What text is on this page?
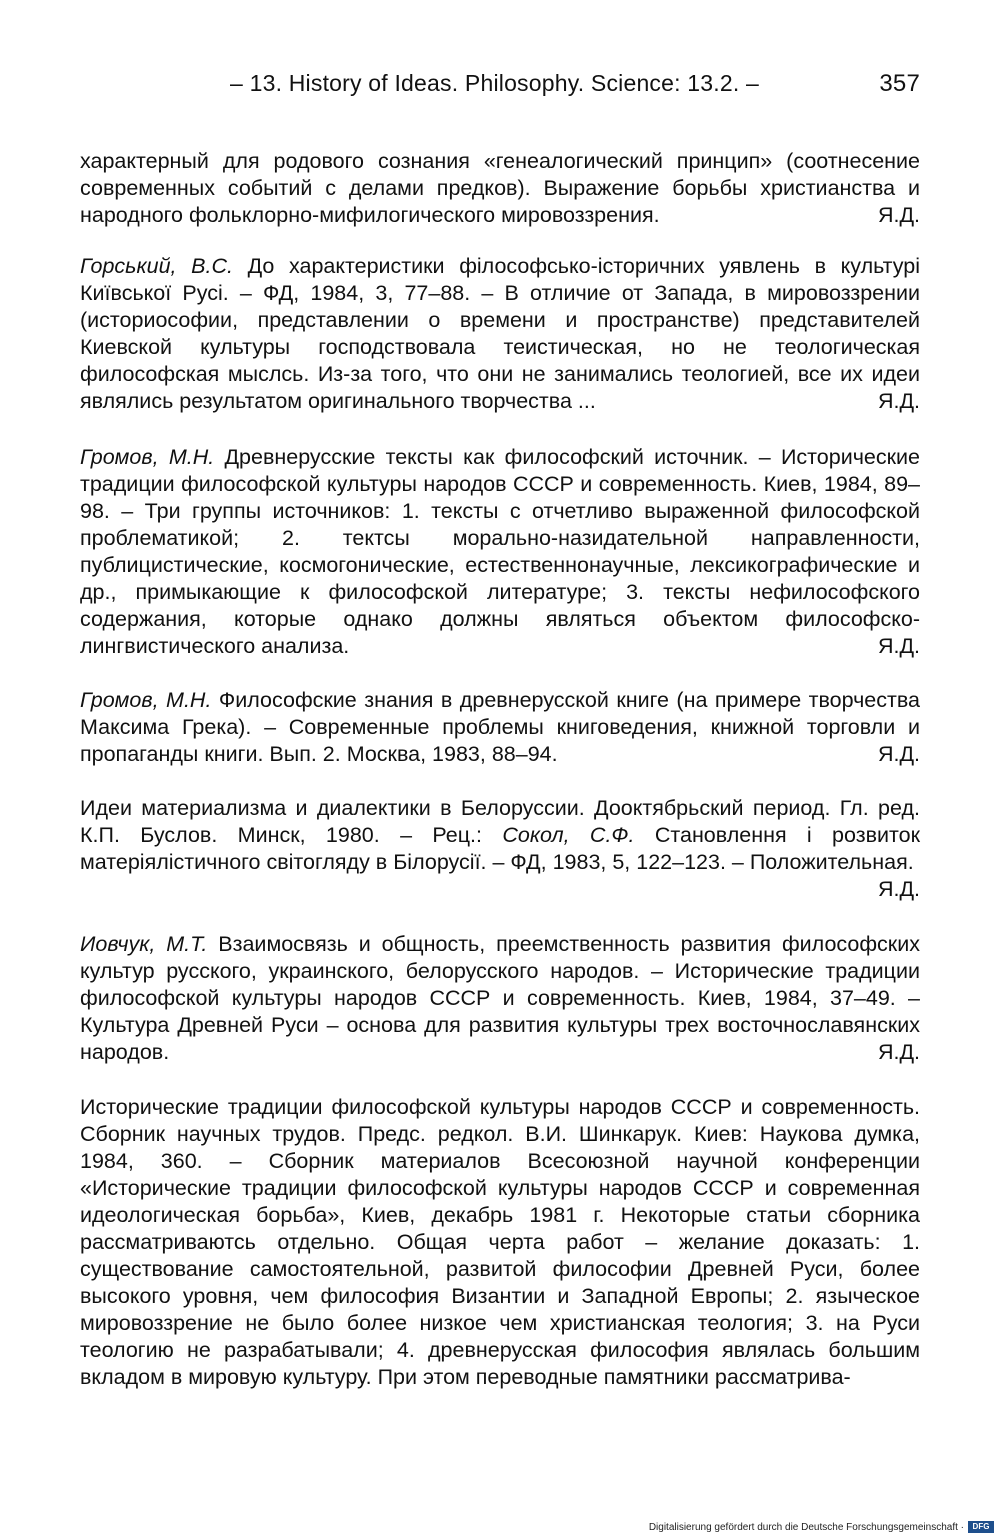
– 13. History of Ideas. Philosophy. Science: 13.2. –	357
характерный для родового сознания «генеалогический принцип» (соотнесение современных событий с делами предков). Выражение борьбы христианства и народного фольклорно-мифилогического мировоззрения.	Я.Д.
Горський, В.С. До характеристики філософсько-історичних уявлень в культурі Київської Русі. – ФД, 1984, 3, 77–88. – В отличие от Запада, в мировоззрении (историософии, представлении о времени и пространстве) представителей Киевской культуры господствовала теистическая, но не теологическая философская мыслсь. Из-за того, что они не занимались теологией, все их идеи являлись результатом оригинального творчества ...	Я.Д.
Громов, М.Н. Древнерусские тексты как философский источник. – Исторические традиции философской культуры народов СССР и современность. Киев, 1984, 89–98. – Три группы источников: 1. тексты с отчетливо выраженной философской проблематикой; 2. тектсы морально-назидательной направленности, публицистические, космогонические, естественнонаучные, лексикографические и др., примыкающие к философской литературе; 3. тексты нефилософского содержания, которые однако должны являться объектом философско-лингвистического анализа.	Я.Д.
Громов, М.Н. Философские знания в древнерусской книге (на примере творчества Максима Грека). – Современные проблемы книговедения, книжной торговли и пропаганды книги. Вып. 2. Москва, 1983, 88–94.	Я.Д.
Идеи материализма и диалектики в Белоруссии. Дооктябрьский период. Гл. ред. К.П. Буслов. Минск, 1980. – Рец.: Сокол, С.Ф. Становлення і розвиток матеріялістичного світогляду в Білорусії. – ФД, 1983, 5, 122–123. – Положительная.
Я.Д.
Иовчук, М.Т. Взаимосвязь и общность, преемственность развития философских культур русского, украинского, белорусского народов. – Исторические традиции философской культуры народов СССР и современность. Киев, 1984, 37–49. – Культура Древней Руси – основа для развития культуры трех восточнославянских народов.	Я.Д.
Исторические традиции философской культуры народов СССР и современность. Сборник научных трудов. Предс. редкол. В.И. Шинкарук. Киев: Наукова думка, 1984, 360. – Сборник материалов Всесоюзной научной конференции «Исторические традиции философской культуры народов СССР и современная идеологическая борьба», Киев, декабрь 1981 г. Некоторые статьи сборника рассматриваютсь отдельно. Общая черта работ – желание доказать: 1. существование самостоятельной, развитой философии Древней Руси, более высокого уровня, чем философия Византии и Западной Европы; 2. языческое мировоззрение не было более низкое чем христианская теология; 3. на Руси теологию не разрабатывали; 4. древнерусская философия являлась большим вкладом в мировую культуру. При этом переводные памятники рассматрива-
Digitalisierung gefördert durch die Deutsche Forschungsgemeinschaft ·	DFG
